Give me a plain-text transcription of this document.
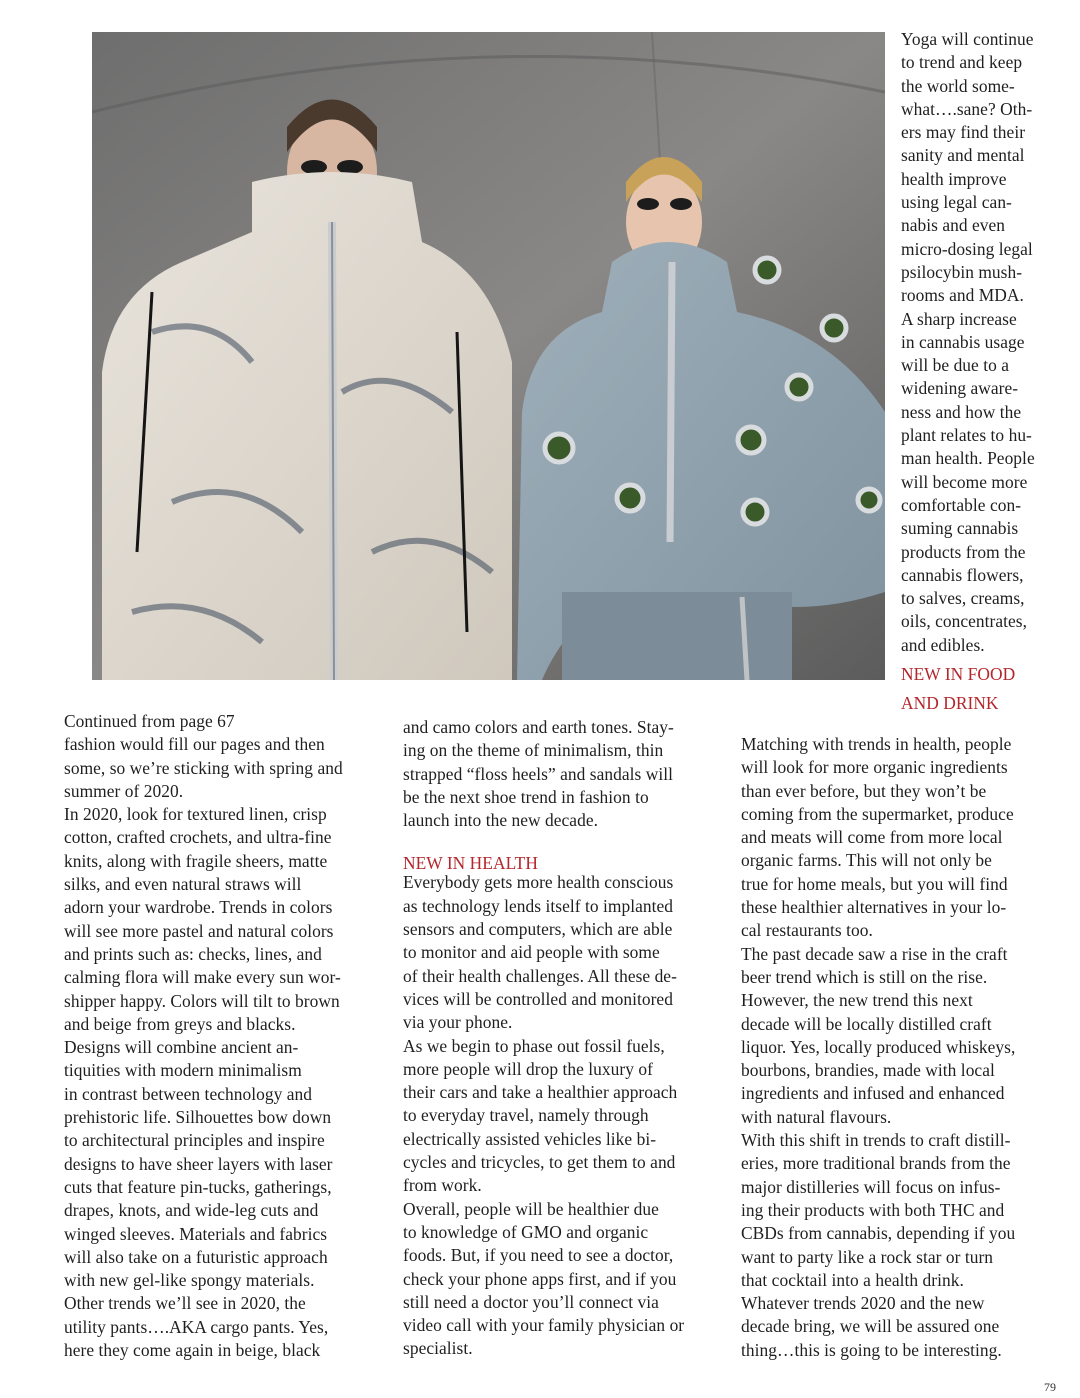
Yoga will continue

to trend and keep

the world some-

what….sane? Oth-

ers may find their

sanity and mental

health improve

using legal can-

nabis and even

micro-dosing legal

psilocybin mush-

rooms and MDA.

A sharp increase

in cannabis usage

will be due to a

widening aware-

ness and how the

plant relates to hu-

man health. People

will become more

comfortable con-

suming cannabis

products from the

cannabis flowers,

to salves, creams,

oils, concentrates,

and edibles.

NEW IN FOOD

AND DRINK

Continued from page 67

fashion would fill our pages and then

some, so we’re sticking with spring and

summer of 2020.

In 2020, look for textured linen, crisp

cotton, crafted crochets, and ultra-fine

knits, along with fragile sheers, matte

silks, and even natural straws will

adorn your wardrobe. Trends in colors

will see more pastel and natural colors

and prints such as: checks, lines, and

calming flora will make every sun wor-

shipper happy. Colors will tilt to brown

and beige from greys and blacks.

Designs will combine ancient an-

tiquities with modern minimalism

in contrast between technology and

prehistoric life. Silhouettes bow down

to architectural principles and inspire

designs to have sheer layers with laser

cuts that feature pin-tucks, gatherings,

drapes, knots, and wide-leg cuts and

winged sleeves. Materials and fabrics

will also take on a futuristic approach

with new gel-like spongy materials.

Other trends we’ll see in 2020, the

utility pants….AKA cargo pants. Yes,

here they come again in beige, black

and camo colors and earth tones. Stay-

ing on the theme of minimalism, thin

strapped “floss heels” and sandals will

be the next shoe trend in fashion to

launch into the new decade.

NEW IN HEALTH

Everybody gets more health conscious

as technology lends itself to implanted

sensors and computers, which are able

to monitor and aid people with some

of their health challenges. All these de-

vices will be controlled and monitored

via your phone.

As we begin to phase out fossil fuels,

more people will drop the luxury of

their cars and take a healthier approach

to everyday travel, namely through

electrically assisted vehicles like bi-

cycles and tricycles, to get them to and

from work.

Overall, people will be healthier due

to knowledge of GMO and organic

foods. But, if you need to see a doctor,

check your phone apps first, and if you

still need a doctor you’ll connect via

video call with your family physician or

specialist.

Matching with trends in health, people

will look for more organic ingredients

than ever before, but they won’t be

coming from the supermarket, produce

and meats will come from more local

organic farms. This will not only be

true for home meals, but you will find

these healthier alternatives in your lo-

cal restaurants too.

The past decade saw a rise in the craft

beer trend which is still on the rise.

However, the new trend this next

decade will be locally distilled craft

liquor. Yes, locally produced whiskeys,

bourbons, brandies, made with local

ingredients and infused and enhanced

with natural flavours.

With this shift in trends to craft distill-

eries, more traditional brands from the

major distilleries will focus on infus-

ing their products with both THC and

CBDs from cannabis, depending if you

want to party like a rock star or turn

that cocktail into a health drink.

Whatever trends 2020 and the new

decade bring, we will be assured one

thing…this is going to be interesting.

79
